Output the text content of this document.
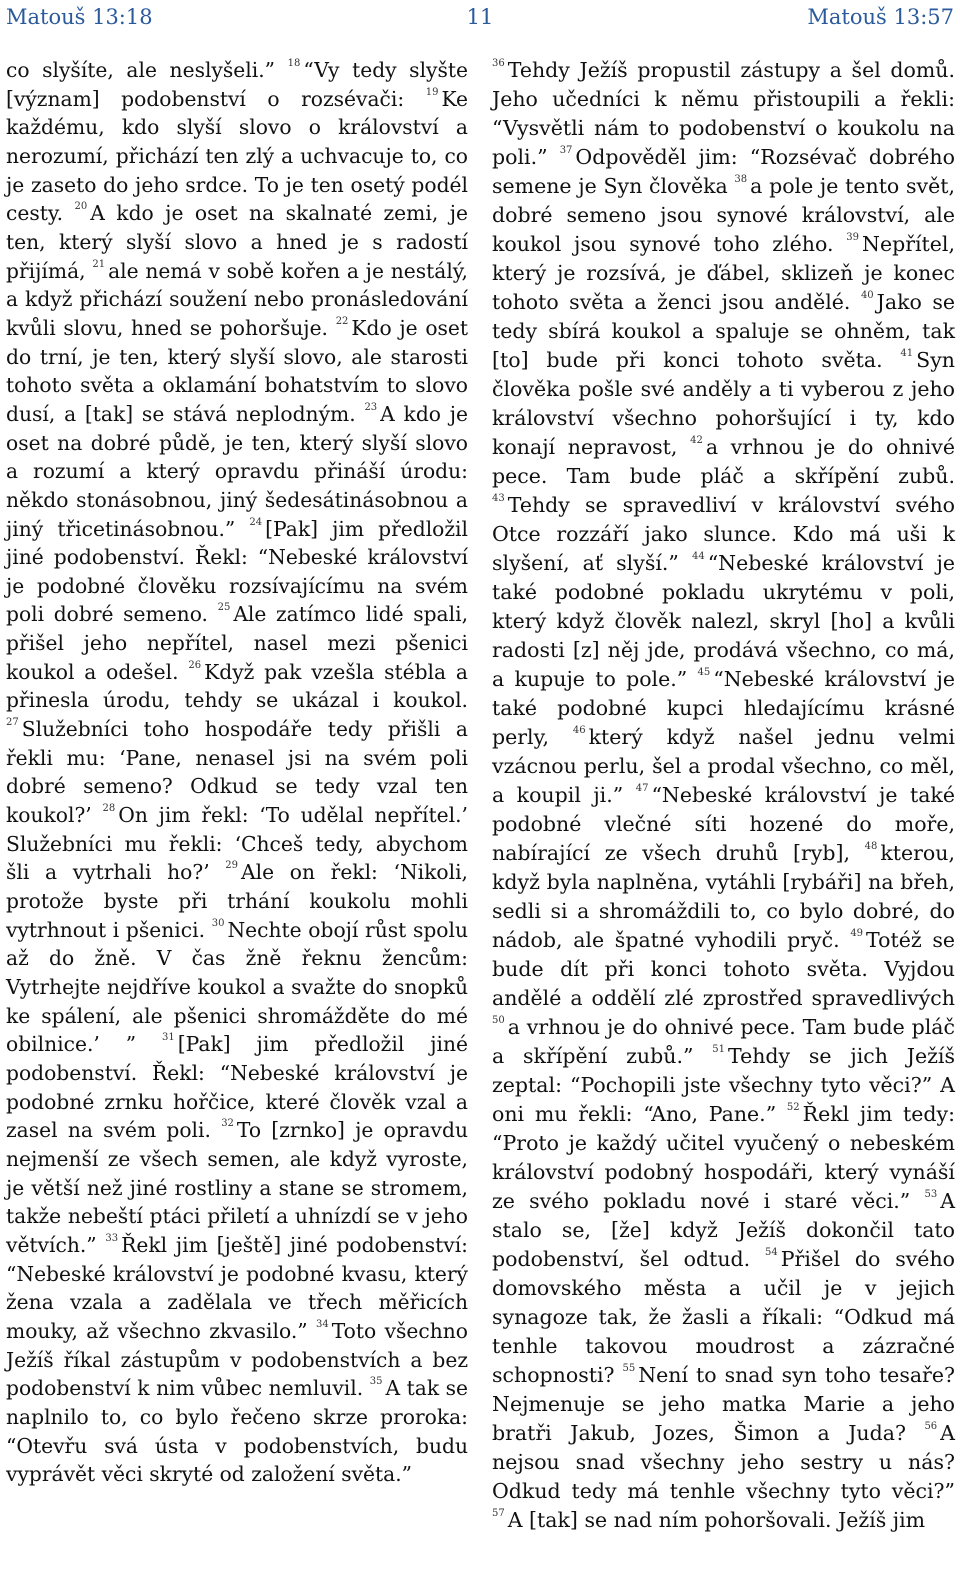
Matouš 13:18	11	Matouš 13:57

co slyšíte, ale neslyšeli.” $^{18}$ “Vy tedy slyšte [význam] podobenství o rozsévači: $^{19}$ Ke každému, kdo slyší slovo o království a nerozumí, přichází ten zlý a uchvacuje to, co je zaseto do jeho srdce. To je ten osetý podél cesty. $^{20}$ A kdo je oset na skalnaté zemi, je ten, který slyší slovo a hned je s radostí přijímá, $^{21}$ ale nemá v sobě kořen a je nestálý, a když přichází soužení nebo pronásledování kvůli slovu, hned se pohoršuje. $^{22}$ Kdo je oset do trní, je ten, který slyší slovo, ale starosti tohoto světa a oklamání bohatstvím to slovo dusí, a [tak] se stává neplodným. $^{23}$ A kdo je oset na dobré půdě, je ten, který slyší slovo a rozumí a který opravdu přináší úrodu: někdo stonásobnou, jiný šedesátinásobnou a jiný třicetinásobnou.” $^{24}$ [Pak] jim předložil jiné podobenství. Řekl: “Nebeské království je podobné člověku rozsívajícímu na svém poli dobré semeno. $^{25}$ Ale zatímco lidé spali, přišel jeho nepřítel, nasel mezi pšenici koukol a odešel. $^{26}$ Když pak vzešla stébla a přinesla úrodu, tehdy se ukázal i koukol. $^{27}$ Služebníci toho hospodáře tedy přišli a řekli mu: ‘Pane, nenasel jsi na svém poli dobré semeno? Odkud se tedy vzal ten koukol?’ $^{28}$ On jim řekl: ‘To udělal nepřítel.’ Služebníci mu řekli: ‘Chceš tedy, abychom šli a vytrhali ho?’ $^{29}$ Ale on řekl: ‘Nikoli, protože byste při trhání koukolu mohli vytrhnout i pšenici. $^{30}$ Nechte obojí růst spolu až do žně. V čas žně řeknu žencům: Vytrhejte nejdříve koukol a svažte do snopků ke spálení, ale pšenici shromážděte do mé obilnice.’ ”	$^{31}$ [Pak] jim předložil jiné podobenství. Řekl: “Nebeské království je podobné zrnku hořčice, které člověk vzal a zasel na svém poli. $^{32}$ To [zrnko] je opravdu nejmenší ze všech semen, ale když vyroste, je větší než jiné rostliny a stane se stromem, takže nebeští ptáci přiletí a uhnízdí se v jeho větvích.” $^{33}$ Řekl jim [ještě] jiné podobenství: “Nebeské království je podobné kvasu, který žena vzala a zadělala ve třech měřicích mouky, až všechno zkvasilo.” $^{34}$ Toto všechno Ježíš říkal zástupům v podobenstvích a bez podobenství k nim vůbec nemluvil. $^{35}$ A tak se naplnilo to, co bylo řečeno skrze proroka: “Otevřu svá ústa v podobenstvích, budu vyprávět věci skryté od založení světa.”

$^{36}$ Tehdy Ježíš propustil zástupy a šel domů. Jeho učedníci k němu přistoupili a řekli: “Vysvětli nám to podobenství o koukolu na poli.” $^{37}$ Odpověděl jim: “Rozsévač dobrého semene je Syn člověka $^{38}$ a pole je tento svět, dobré semeno jsou synové království, ale koukol jsou synové toho zlého. $^{39}$ Nepřítel, který je rozsívá, je ďábel, sklizeň je konec tohoto světa a ženci jsou andělé. $^{40}$ Jako se tedy sbírá koukol a spaluje se ohněm, tak [to] bude při konci tohoto světa. $^{41}$ Syn člověka pošle své anděly a ti vyberou z jeho království všechno pohoršující i ty, kdo konají nepravost, $^{42}$ a vrhnou je do ohnivé pece. Tam bude pláč a skřípění zubů. $^{43}$ Tehdy se spravedliví v království svého Otce rozzáří jako slunce. Kdo má uši k slyšení, ať slyší.” $^{44}$ “Nebeské království je také podobné pokladu ukrytému v poli, který když člověk nalezl, skryl [ho] a kvůli radosti [z] něj jde, prodává všechno, co má, a kupuje to pole.” $^{45}$ “Nebeské království je také podobné kupci hledajícímu krásné perly, $^{46}$ který když našel jednu velmi vzácnou perlu, šel a prodal všechno, co měl, a koupil ji.” $^{47}$ “Nebeské království je také podobné vlečné síti hozené do moře, nabírající ze všech druhů [ryb], $^{48}$ kterou, když byla naplněna, vytáhli [rybáři] na břeh, sedli si a shromáždili to, co bylo dobré, do nádob, ale špatné vyhodili pryč. $^{49}$ Totéž se bude dít při konci tohoto světa. Vyjdou andělé a oddělí zlé zprostřed spravedlivých $^{50}$ a vrhnou je do ohnivé pece. Tam bude pláč a skřípění zubů.” $^{51}$ Tehdy se jich Ježíš zeptal: “Pochopili jste všechny tyto věci?” A oni mu řekli: “Ano, Pane.” $^{52}$ Řekl jim tedy: “Proto je každý učitel vyučený o nebeském království podobný hospodáři, který vynáší ze svého pokladu nové i staré věci.” $^{53}$ A stalo se, [že] když Ježíš dokončil tato podobenství, šel odtud. $^{54}$ Přišel do svého domovského města a učil je v jejich synagoze tak, že žasli a říkali: “Odkud má tenhle takovou moudrost a zázračné schopnosti? $^{55}$ Není to snad syn toho tesaře? Nejmenuje se jeho matka Marie a jeho bratři Jakub, Jozes, Šimon a Juda? $^{56}$ A nejsou snad všechny jeho sestry u nás? Odkud tedy má tenhle všechny tyto věci?” $^{57}$ A [tak] se nad ním pohoršovali. Ježíš jim
